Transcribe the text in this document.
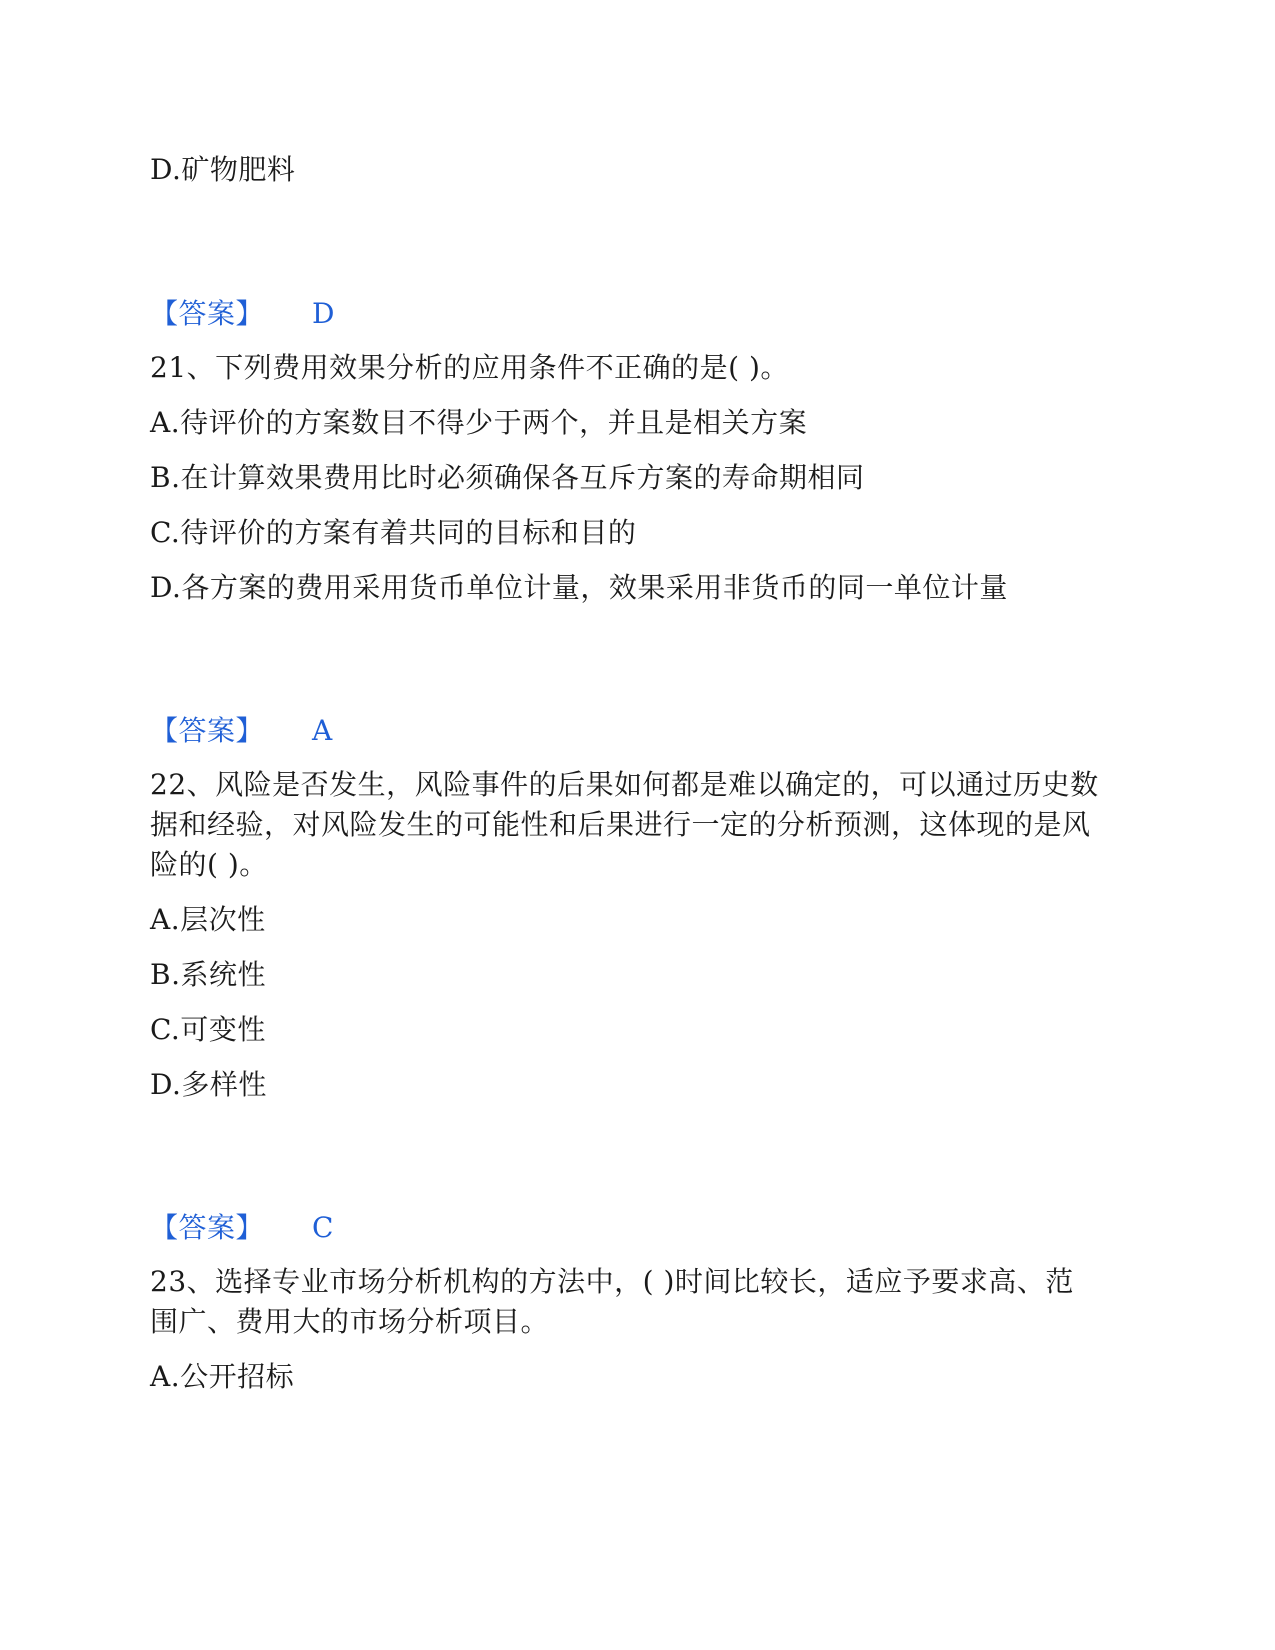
D.矿物肥料
【答案】 D
21、下列费用效果分析的应用条件不正确的是( )。
A.待评价的方案数目不得少于两个，并且是相关方案
B.在计算效果费用比时必须确保各互斥方案的寿命期相同
C.待评价的方案有着共同的目标和目的
D.各方案的费用采用货币单位计量，效果采用非货币的同一单位计量
【答案】 A
22、风险是否发生，风险事件的后果如何都是难以确定的，可以通过历史数
据和经验，对风险发生的可能性和后果进行一定的分析预测，这体现的是风
险的( )。
A.层次性
B.系统性
C.可变性
D.多样性
【答案】 C
23、选择专业市场分析机构的方法中，( )时间比较长，适应予要求高、范
围广、费用大的市场分析项目。
A.公开招标
